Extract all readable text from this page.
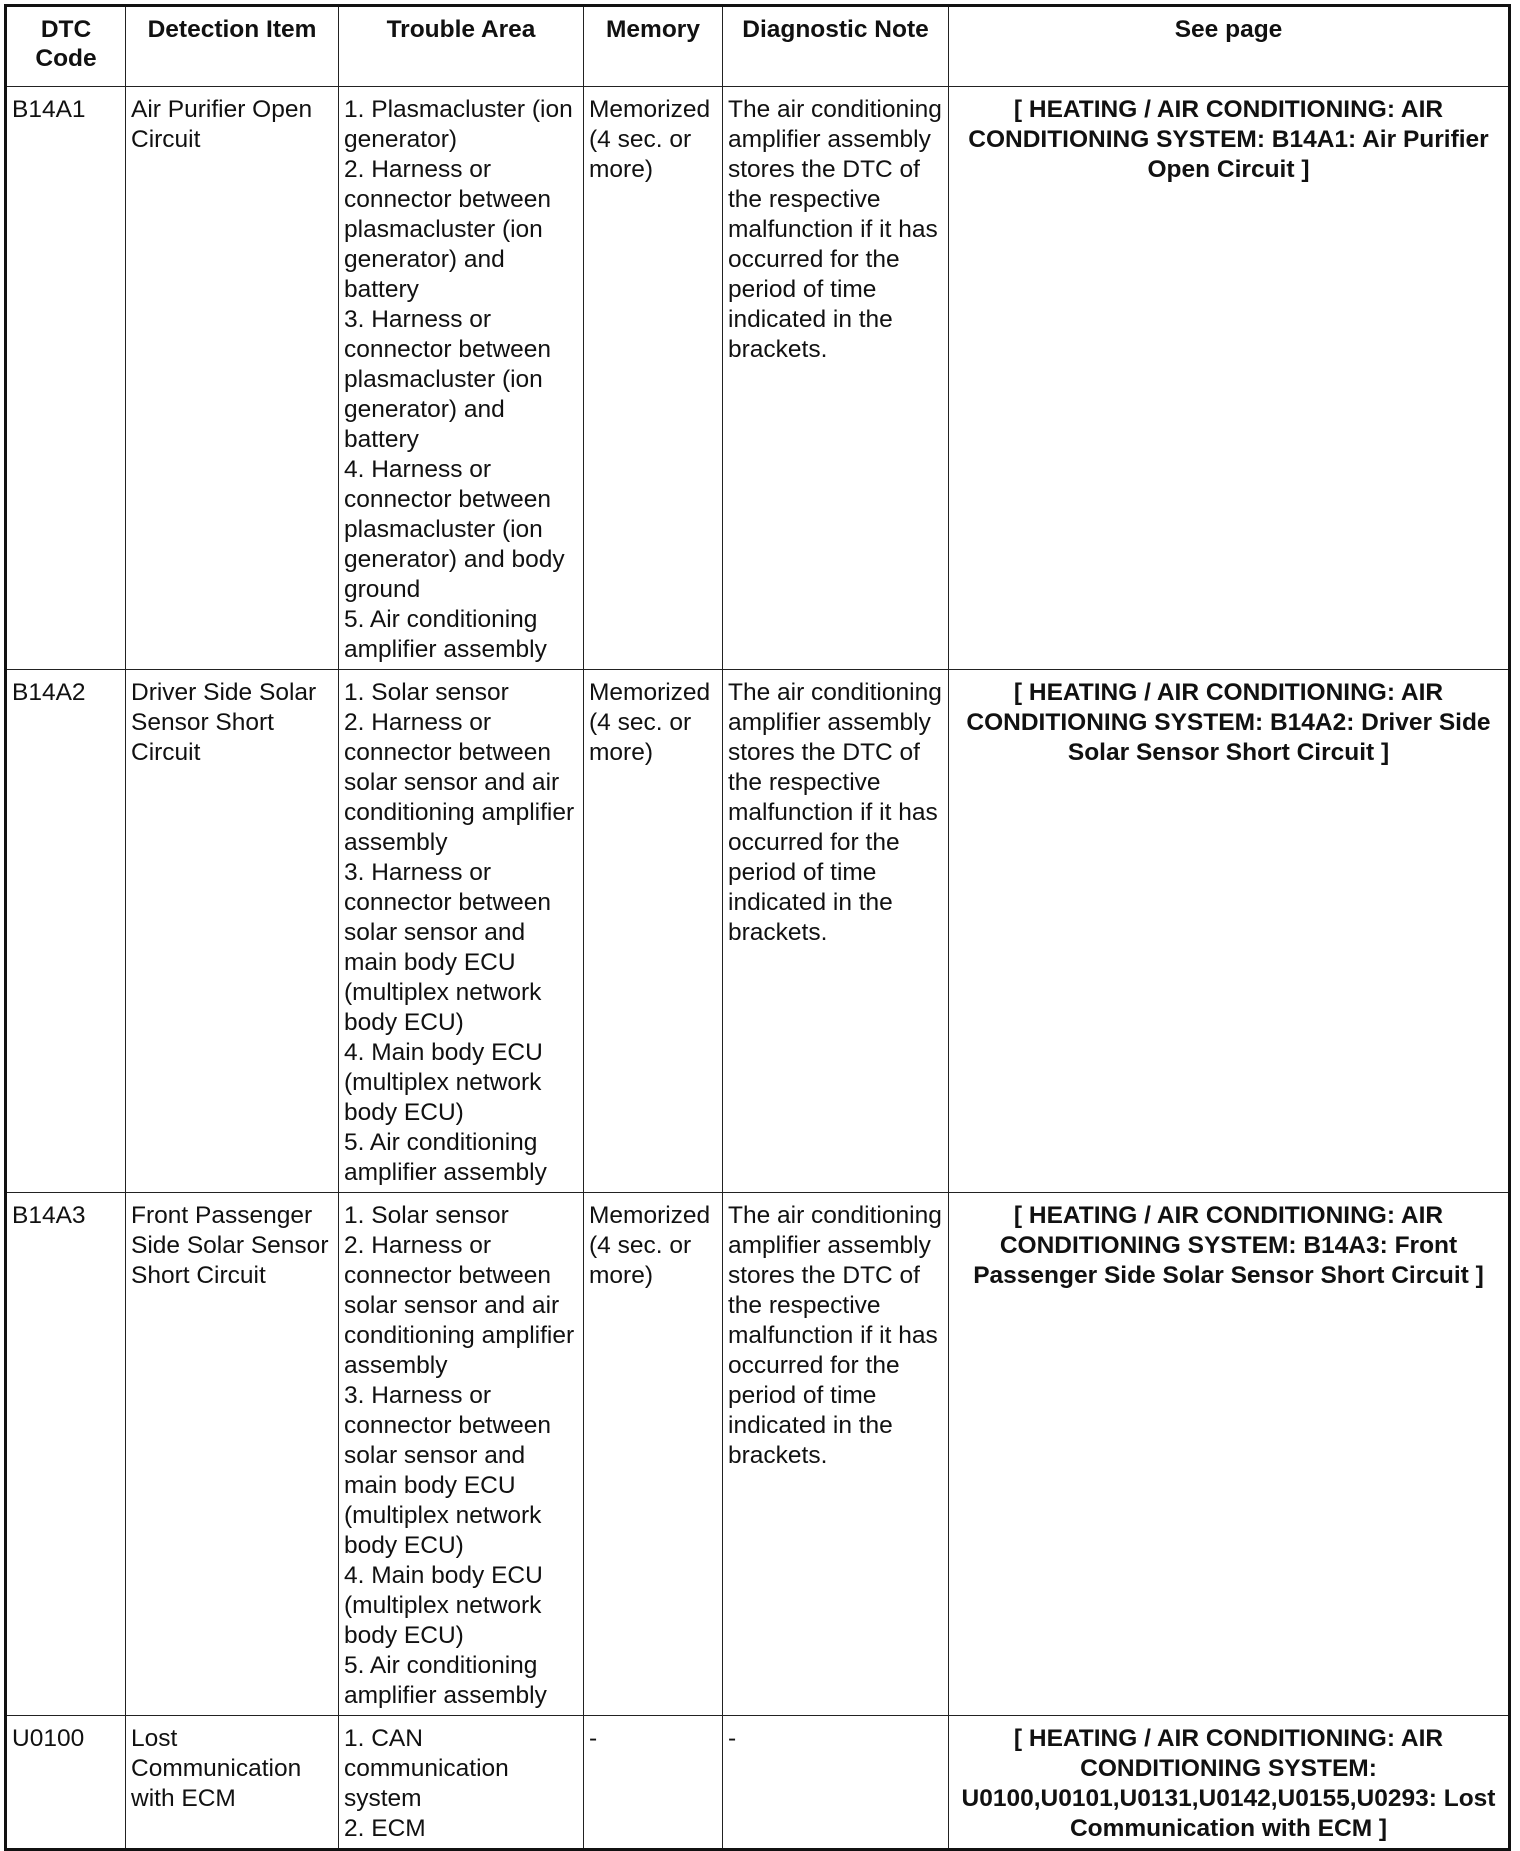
DTC Code	Detection Item	Trouble Area	Memory	Diagnostic Note	See page
B14A1	Air Purifier Open Circuit	1. Plasmacluster (ion generator)
2. Harness or connector between plasmacluster (ion generator) and battery
3. Harness or connector between plasmacluster (ion generator) and battery
4. Harness or connector between plasmacluster (ion generator) and body ground
5. Air conditioning amplifier assembly	Memorized (4 sec. or more)	The air conditioning amplifier assembly stores the DTC of the respective malfunction if it has occurred for the period of time indicated in the brackets.	[ HEATING / AIR CONDITIONING: AIR CONDITIONING SYSTEM: B14A1: Air Purifier Open Circuit ]
B14A2	Driver Side Solar Sensor Short Circuit	1. Solar sensor
2. Harness or connector between solar sensor and air conditioning amplifier assembly
3. Harness or connector between solar sensor and main body ECU (multiplex network body ECU)
4. Main body ECU (multiplex network body ECU)
5. Air conditioning amplifier assembly	Memorized (4 sec. or more)	The air conditioning amplifier assembly stores the DTC of the respective malfunction if it has occurred for the period of time indicated in the brackets.	[ HEATING / AIR CONDITIONING: AIR CONDITIONING SYSTEM: B14A2: Driver Side Solar Sensor Short Circuit ]
B14A3	Front Passenger Side Solar Sensor Short Circuit	1. Solar sensor
2. Harness or connector between solar sensor and air conditioning amplifier assembly
3. Harness or connector between solar sensor and main body ECU (multiplex network body ECU)
4. Main body ECU (multiplex network body ECU)
5. Air conditioning amplifier assembly	Memorized (4 sec. or more)	The air conditioning amplifier assembly stores the DTC of the respective malfunction if it has occurred for the period of time indicated in the brackets.	[ HEATING / AIR CONDITIONING: AIR CONDITIONING SYSTEM: B14A3: Front Passenger Side Solar Sensor Short Circuit ]
U0100	Lost Communication with ECM	1. CAN communication system
2. ECM	-	-	[ HEATING / AIR CONDITIONING: AIR CONDITIONING SYSTEM: U0100,U0101,U0131,U0142,U0155,U0293: Lost Communication with ECM ]
